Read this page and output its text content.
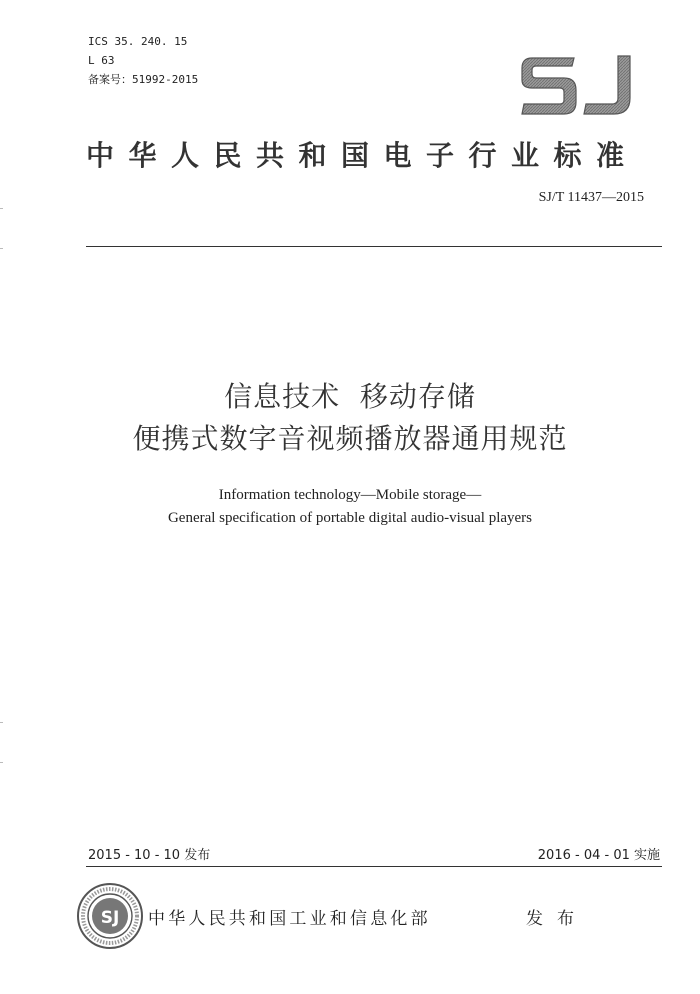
ICS 35. 240. 15
L 63
备案号：51992-2015
中华人民共和国电子行业标准
SJ/T 11437—2015
信息技术  移动存储
便携式数字音视频播放器通用规范
Information technology—Mobile storage—
General specification of portable digital audio-visual players
2015 - 10 - 10 发布	2016 - 04 - 01 实施
SJ 中华人民共和国工业和信息化部	发布
